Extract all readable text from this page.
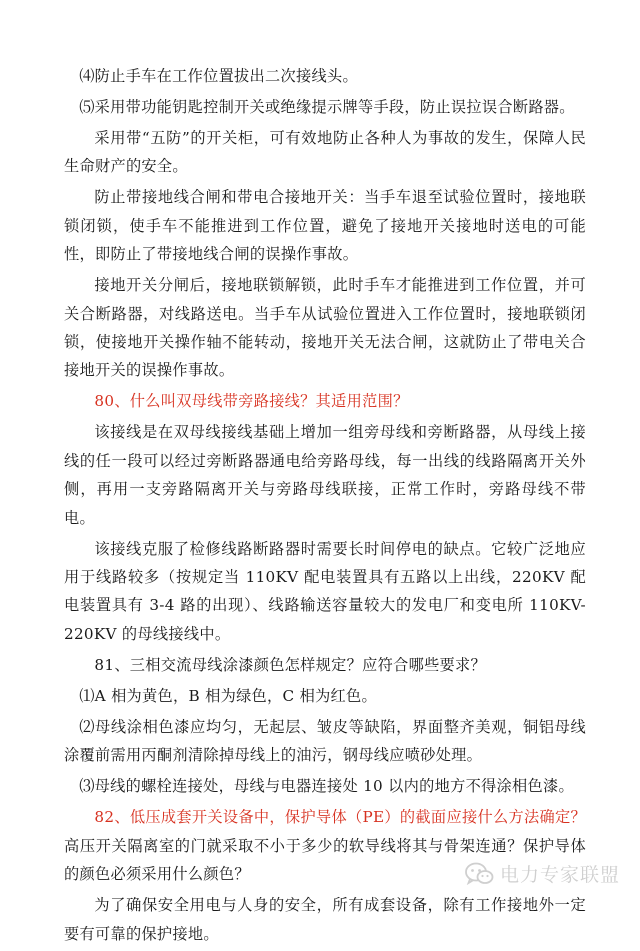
⑷防止手车在工作位置拔出二次接线头。

⑸采用带功能钥匙控制开关或绝缘提示牌等手段，防止误拉误合断路器。

采用带“五防”的开关柜，可有效地防止各种人为事故的发生，保障人民生命财产的安全。

防止带接地线合闸和带电合接地开关：当手车退至试验位置时，接地联锁闭锁，使手车不能推进到工作位置，避免了接地开关接地时送电的可能性，即防止了带接地线合闸的误操作事故。

接地开关分闸后，接地联锁解锁，此时手车才能推进到工作位置，并可关合断路器，对线路送电。当手车从试验位置进入工作位置时，接地联锁闭锁，使接地开关操作轴不能转动，接地开关无法合闸，这就防止了带电关合接地开关的误操作事故。

80、什么叫双母线带旁路接线？其适用范围？

该接线是在双母线接线基础上增加一组旁母线和旁断路器，从母线上接线的任一段可以经过旁断路器通电给旁路母线，每一出线的线路隔离开关外侧，再用一支旁路隔离开关与旁路母线联接，正常工作时，旁路母线不带电。

该接线克服了检修线路断路器时需要长时间停电的缺点。它较广泛地应用于线路较多（按规定当 110KV 配电装置具有五路以上出线，220KV 配电装置具有 3-4 路的出现）、线路输送容量较大的发电厂和变电所 110KV-220KV 的母线接线中。

81、三相交流母线涂漆颜色怎样规定？应符合哪些要求？

⑴A 相为黄色，B 相为绿色，C 相为红色。

⑵母线涂相色漆应均匀，无起层、皱皮等缺陷，界面整齐美观，铜铝母线涂覆前需用丙酮剂清除掉母线上的油污，钢母线应喷砂处理。

⑶母线的螺栓连接处，母线与电器连接处 10 以内的地方不得涂相色漆。

82、低压成套开关设备中，保护导体（PE）的截面应接什么方法确定？高压开关隔离室的门就采取不小于多少的软导线将其与骨架连通？保护导体的颜色必须采用什么颜色？

为了确保安全用电与人身的安全，所有成套设备，除有工作接地外一定要有可靠的保护接地。

电力专家联盟
